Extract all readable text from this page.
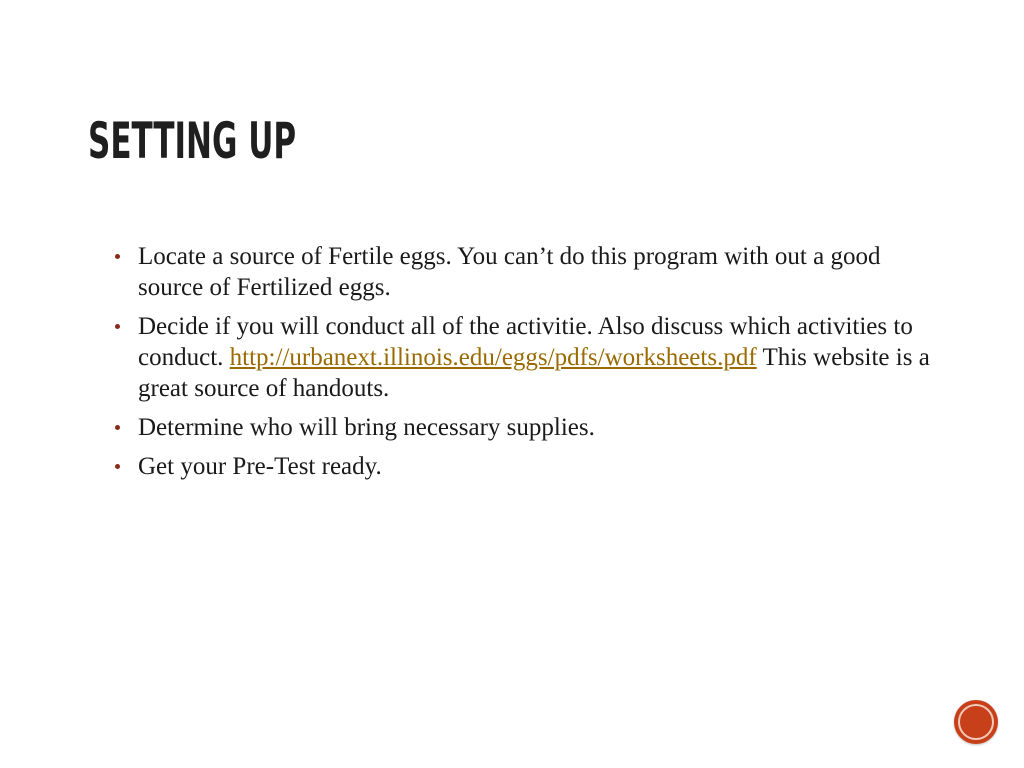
SETTING UP
Locate a source of Fertile eggs. You can’t do this program with out a good source of Fertilized eggs.
Decide if you will conduct all of the activitie. Also discuss which activities to conduct. http://urbanext.illinois.edu/eggs/pdfs/worksheets.pdf This website is a great source of handouts.
Determine who will bring necessary supplies.
Get your Pre-Test ready.
